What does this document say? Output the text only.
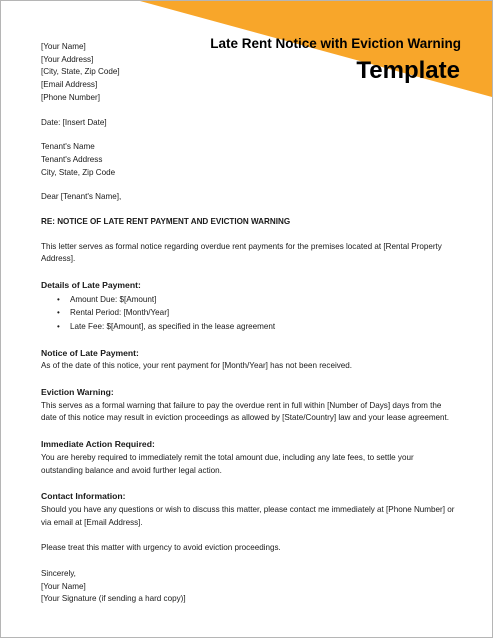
Late Rent Notice with Eviction Warning
Template
[Your Name]
[Your Address]
[City, State, Zip Code]
[Email Address]
[Phone Number]
Date: [Insert Date]
Tenant's Name
Tenant's Address
City, State, Zip Code
Dear [Tenant's Name],
RE: NOTICE OF LATE RENT PAYMENT AND EVICTION WARNING
This letter serves as formal notice regarding overdue rent payments for the premises located at [Rental Property Address].
Details of Late Payment:
• Amount Due: $[Amount]
• Rental Period: [Month/Year]
• Late Fee: $[Amount], as specified in the lease agreement
Notice of Late Payment:
As of the date of this notice, your rent payment for [Month/Year] has not been received.
Eviction Warning:
This serves as a formal warning that failure to pay the overdue rent in full within [Number of Days] days from the date of this notice may result in eviction proceedings as allowed by [State/Country] law and your lease agreement.
Immediate Action Required:
You are hereby required to immediately remit the total amount due, including any late fees, to settle your outstanding balance and avoid further legal action.
Contact Information:
Should you have any questions or wish to discuss this matter, please contact me immediately at [Phone Number] or via email at [Email Address].
Please treat this matter with urgency to avoid eviction proceedings.
Sincerely,
[Your Name]
[Your Signature (if sending a hard copy)]
